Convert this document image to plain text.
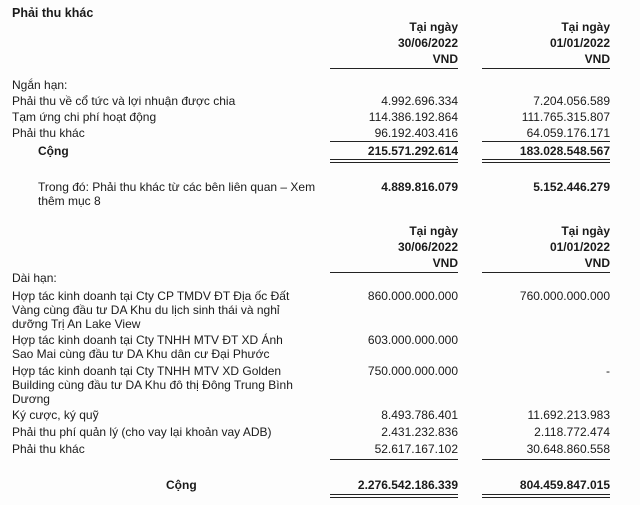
Phải thu khác
Tại ngày
30/06/2022
VND
Tại ngày
01/01/2022
VND
Ngắn hạn:
Phải thu về cổ tức và lợi nhuận được chia	4.992.696.334	7.204.056.589
Tạm ứng chi phí hoạt động	114.386.192.864	111.765.315.807
Phải thu khác	96.192.403.416	64.059.176.171
Cộng	215.571.292.614	183.028.548.567
Trong đó: Phải thu khác từ các bên liên quan – Xem thêm mục 8
4.889.816.079	5.152.446.279
Tại ngày
30/06/2022
VND
Tại ngày
01/01/2022
VND
Dài hạn:
Hợp tác kinh doanh tại Cty CP TMDV ĐT Địa ốc Đất Vàng cùng đầu tư DA Khu du lịch sinh thái và nghỉ dưỡng Trị An Lake View
860.000.000.000	760.000.000.000
Hợp tác kinh doanh tại Cty TNHH MTV ĐT XD Ánh Sao Mai cùng đầu tư DA Khu dân cư Đại Phước
603.000.000.000
Hợp tác kinh doanh tại Cty TNHH MTV XD Golden Building cùng đầu tư DA Khu đô thị Đông Trung Bình Dương
750.000.000.000	-
Ký cược, ký quỹ	8.493.786.401	11.692.213.983
Phải thu phí quản lý (cho vay lại khoản vay ADB)	2.431.232.836	2.118.772.474
Phải thu khác	52.617.167.102	30.648.860.558
Cộng	2.276.542.186.339	804.459.847.015
